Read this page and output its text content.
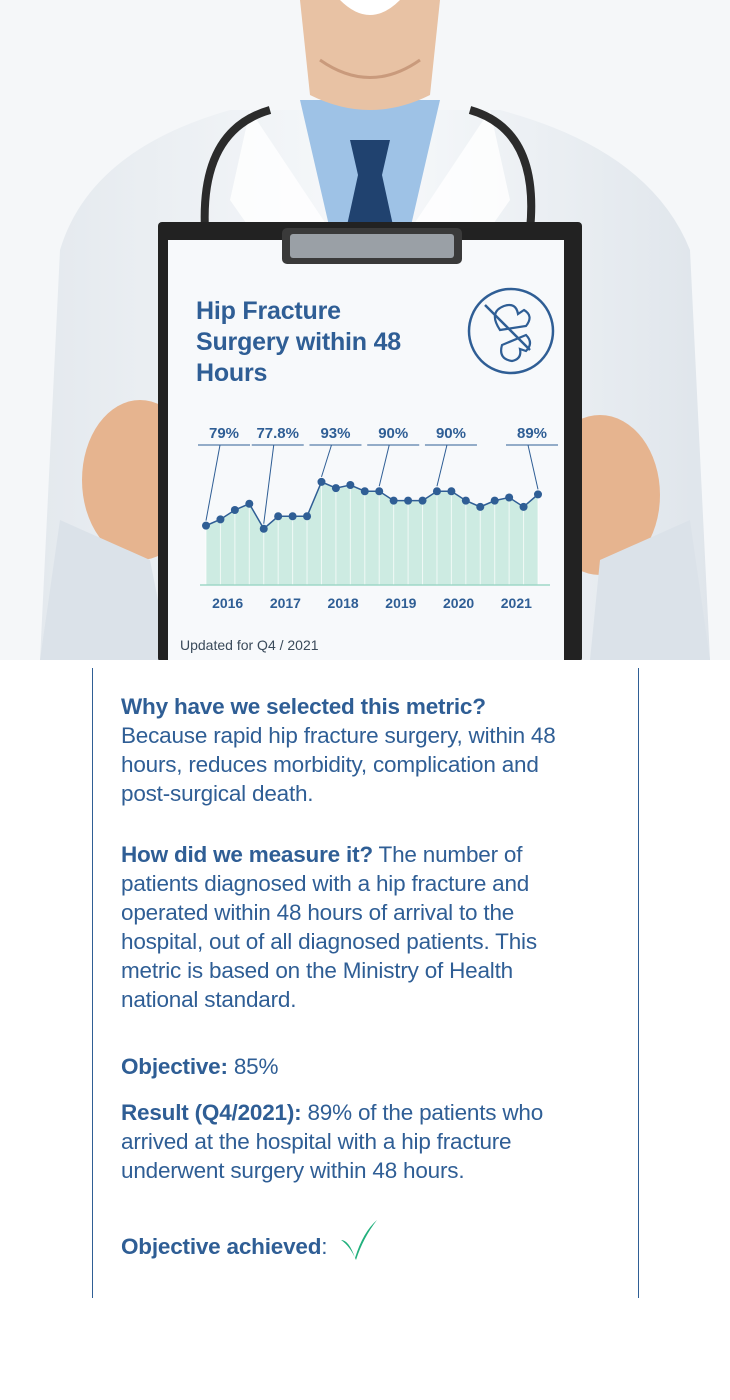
Hip Fracture Surgery within 48 Hours
79% 77.8% 93% 90% 90%	89%
2016 2017 2018 2019 2020 2021
Updated for Q4 / 2021
Why have we selected this metric?
Because rapid hip fracture surgery, within 48 hours, reduces morbidity, complication and post-surgical death.
How did we measure it? The number of patients diagnosed with a hip fracture and operated within 48 hours of arrival to the hospital, out of all diagnosed patients. This metric is based on the Ministry of Health national standard.
Objective: 85%
Result (Q4/2021): 89% of the patients who arrived at the hospital with a hip fracture underwent surgery within 48 hours.
Objective achieved:
